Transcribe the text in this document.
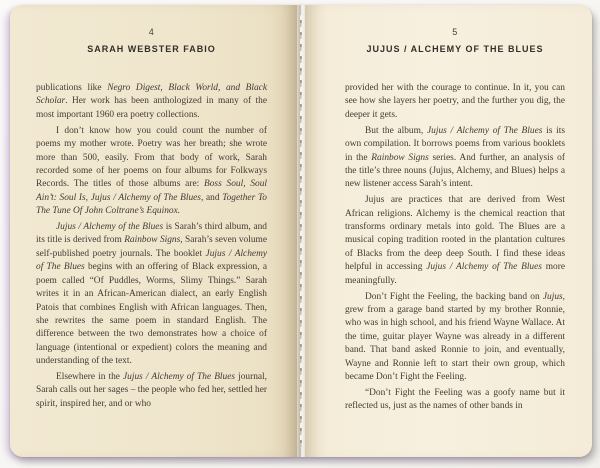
4
SARAH WEBSTER FABIO

publications like Negro Digest, Black World, and Black Scholar. Her work has been anthologized in many of the most important 1960 era poetry collections.

I don’t know how you could count the number of poems my mother wrote. Poetry was her breath; she wrote more than 500, easily. From that body of work, Sarah recorded some of her poems on four albums for Folkways Records. The titles of those albums are: Boss Soul, Soul Ain’t: Soul Is, Jujus / Alchemy of The Blues, and Together To The Tune Of John Coltrane’s Equinox.

Jujus / Alchemy of the Blues is Sarah’s third album, and its title is derived from Rainbow Signs, Sarah’s seven volume self-published poetry journals. The booklet Jujus / Alchemy of The Blues begins with an offering of Black expression, a poem called “Of Puddles, Worms, Slimy Things.” Sarah writes it in an African-American dialect, an early English Patois that combines English with African languages. Then, she rewrites the same poem in standard English. The difference between the two demonstrates how a choice of language (intentional or expedient) colors the meaning and understanding of the text.

Elsewhere in the Jujus / Alchemy of The Blues journal, Sarah calls out her sages – the people who fed her, settled her spirit, inspired her, and or who

5
JUJUS / ALCHEMY OF THE BLUES

provided her with the courage to continue. In it, you can see how she layers her poetry, and the further you dig, the deeper it gets.

But the album, Jujus / Alchemy of The Blues is its own compilation. It borrows poems from various booklets in the Rainbow Signs series. And further, an analysis of the title’s three nouns (Jujus, Alchemy, and Blues) helps a new listener access Sarah’s intent.

Jujus are practices that are derived from West African religions. Alchemy is the chemical reaction that transforms ordinary metals into gold. The Blues are a musical coping tradition rooted in the plantation cultures of Blacks from the deep deep South. I find these ideas helpful in accessing Jujus / Alchemy of The Blues more meaningfully.

Don’t Fight the Feeling, the backing band on Jujus, grew from a garage band started by my brother Ronnie, who was in high school, and his friend Wayne Wallace. At the time, guitar player Wayne was already in a different band. That band asked Ronnie to join, and eventually, Wayne and Ronnie left to start their own group, which became Don’t Fight the Feeling.

“Don’t Fight the Feeling was a goofy name but it reflected us, just as the names of other bands in
